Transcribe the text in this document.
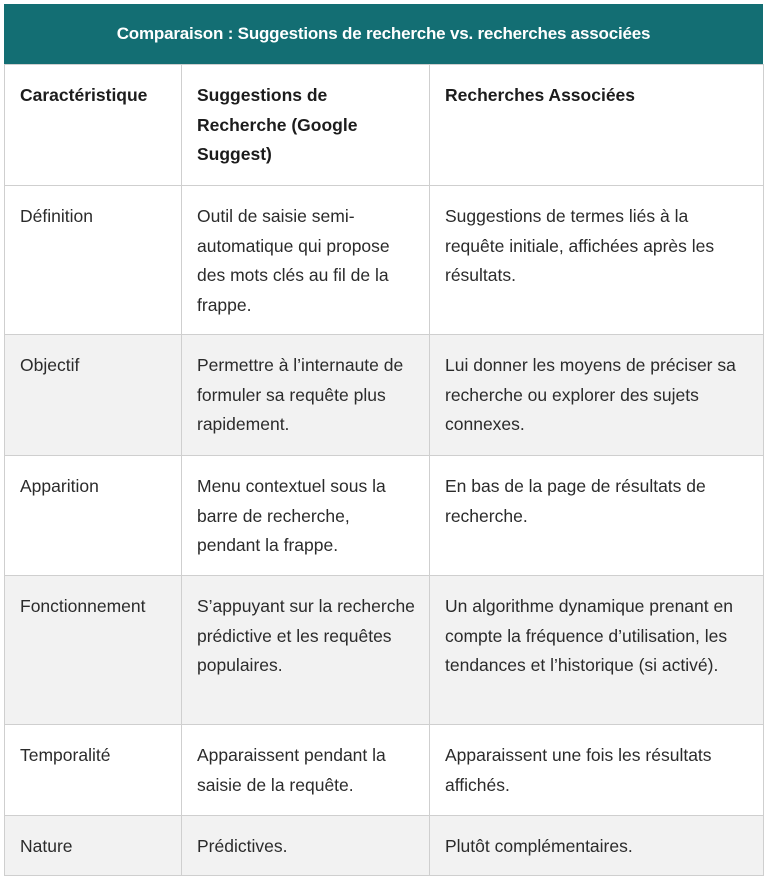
Comparaison : Suggestions de recherche vs. recherches associées
Caractéristique	Suggestions de Recherche (Google Suggest)	Recherches Associées
Définition	Outil de saisie semi-automatique qui propose des mots clés au fil de la frappe.	Suggestions de termes liés à la requête initiale, affichées après les résultats.
Objectif	Permettre à l’internaute de formuler sa requête plus rapidement.	Lui donner les moyens de préciser sa recherche ou explorer des sujets connexes.
Apparition	Menu contextuel sous la barre de recherche, pendant la frappe.	En bas de la page de résultats de recherche.
Fonctionnement	S’appuyant sur la recherche prédictive et les requêtes populaires.	Un algorithme dynamique prenant en compte la fréquence d’utilisation, les tendances et l’historique (si activé).
Temporalité	Apparaissent pendant la saisie de la requête.	Apparaissent une fois les résultats affichés.
Nature	Prédictives.	Plutôt complémentaires.
